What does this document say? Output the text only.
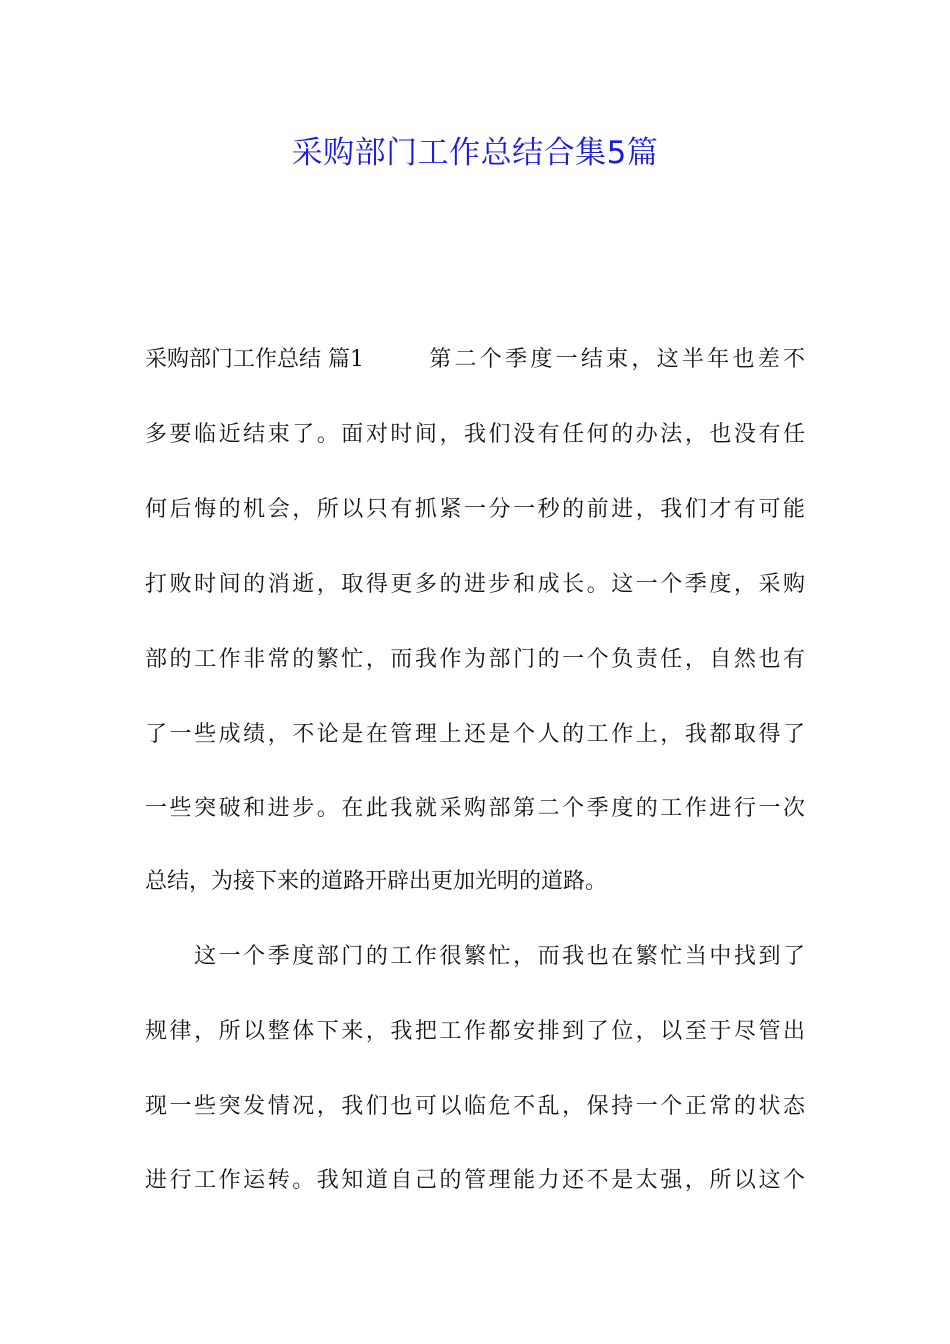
采购部门工作总结合集5篇
采购部门工作总结 篇1	第二个季度一结束，这半年也差不
多要临近结束了。面对时间，我们没有任何的办法，也没有任
何后悔的机会，所以只有抓紧一分一秒的前进，我们才有可能
打败时间的消逝，取得更多的进步和成长。这一个季度，采购
部的工作非常的繁忙，而我作为部门的一个负责任，自然也有
了一些成绩，不论是在管理上还是个人的工作上，我都取得了
一些突破和进步。在此我就采购部第二个季度的工作进行一次
总结，为接下来的道路开辟出更加光明的道路。
　　这一个季度部门的工作很繁忙，而我也在繁忙当中找到了
规律，所以整体下来，我把工作都安排到了位，以至于尽管出
现一些突发情况，我们也可以临危不乱，保持一个正常的状态
进行工作运转。我知道自己的管理能力还不是太强，所以这个
